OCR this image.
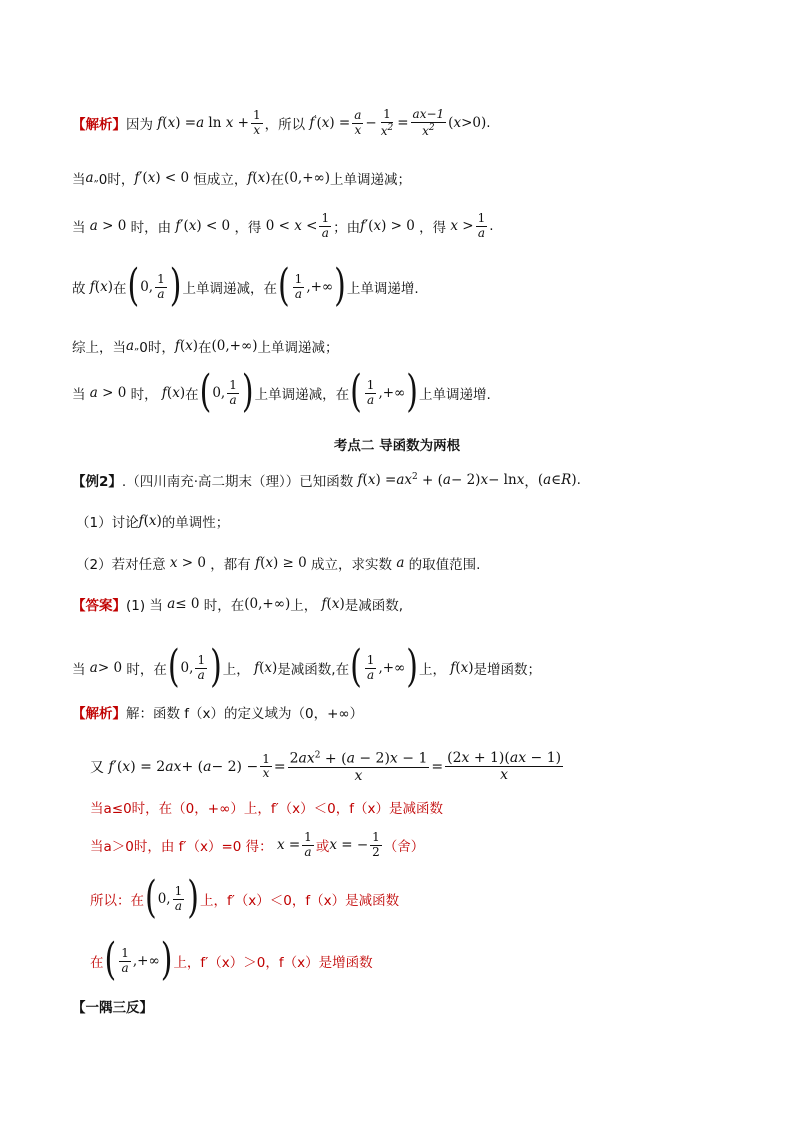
【解析】 因为 f ( x ) = a $\ln x + \frac{1}{x}$ ，所以 f ′( x ) = $\frac{a}{x} - \frac{1}{x^2} = \frac{ax-1}{x^2}$ ( x >0) .
当 a „ 0时， f ′( x ) < 0 恒成立， f ( x ) 在 (0,+∞) 上单调递减；
当 a > 0 时，由 f ′( x ) < 0 ，得 $0 < x < \frac{1}{a}$ ；由 f ′( x ) > 0 ，得 $x > \frac{1}{a}$ .
故 f ( x ) 在 ( 0, $\frac{1}{a}$ ) 上单调递减，在 ( $\frac{1}{a}$ ,+∞ ) 上单调递增.
综上，当 a „ 0时， f ( x ) 在 (0,+∞) 上单调递减；
当 a > 0 时， f ( x ) 在 ( 0, $\frac{1}{a}$ ) 上单调递减，在 ( $\frac{1}{a}$ ,+∞ ) 上单调递增.
考点二 导函数为两根
【例2】 .（四川南充·高二期末（理））已知函数 f ( x ) = ax $^2$ + ( a − 2) x − ln x ， ( a ∈ R ) .
（1）讨论 f ( x ) 的单调性；
（2）若对任意 x > 0 ，都有 f ( x ) ≥ 0 成立，求实数 a 的取值范围.
【答案】 (1) 当 a ≤ 0 时，在 (0,+∞) 上， f ( x ) 是减函数,
当 a > 0 时，在 ( 0, $\frac{1}{a}$ ) 上， f ( x ) 是减函数,在 ( $\frac{1}{a}$ ,+∞ ) 上， f ( x ) 是增函数；
【解析】 解：函数 f（x）的定义域为（0，+∞）
又 f ′( x ) = 2 ax + ( $a - 2) - \frac{1}{x} = \frac{2ax^2 + (a - 2)x - 1}{x} = \frac{(2x + 1)(ax - 1)}{x}$
当a≤0时，在（0，+∞）上，f′（x）＜0，f（x）是减函数
当a＞0时，由 f′（x）=0 得： $x = \frac{1}{a}$ 或 x = − $\frac{1}{2}$ （舍）
所以：在 ( 0, $\frac{1}{a}$ ) 上，f′（x）＜0，f（x）是减函数
在 ( $\frac{1}{a}$ ,+∞ ) 上，f′（x）＞0，f（x）是增函数
【一隅三反】
